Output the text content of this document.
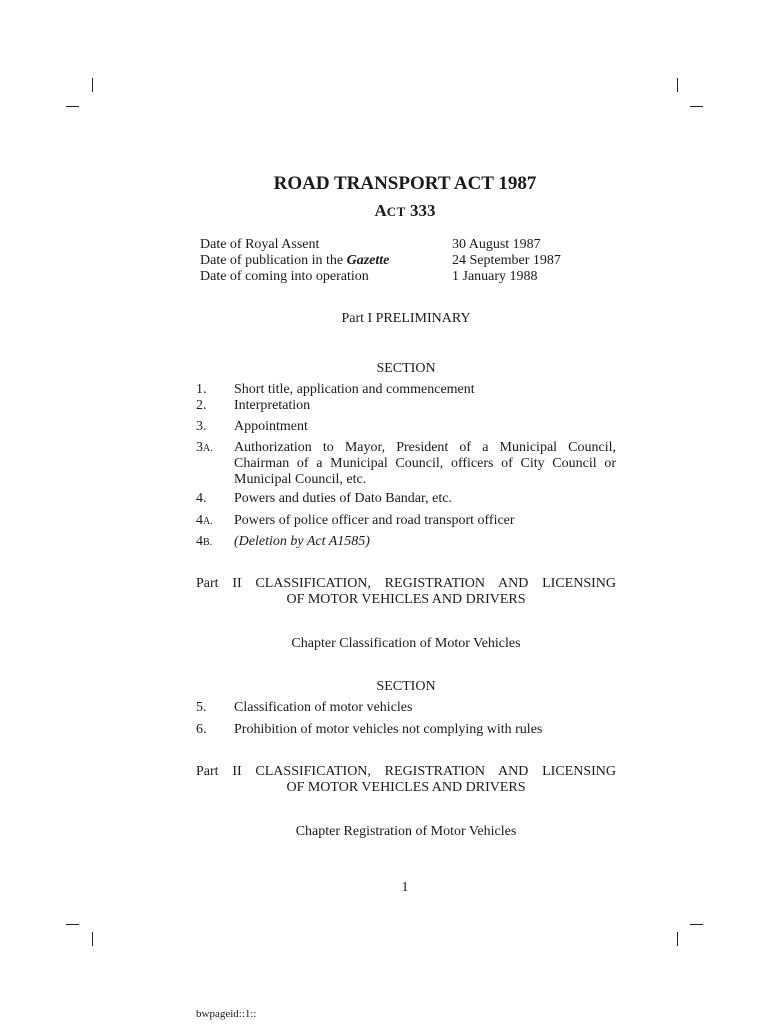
ROAD TRANSPORT ACT 1987
ACT 333
Date of Royal Assent	30 August 1987
Date of publication in the Gazette	24 September 1987
Date of coming into operation	1 January 1988
Part I PRELIMINARY
SECTION
1.	Short title, application and commencement
2.	Interpretation
3.	Appointment
3A.	Authorization to Mayor, President of a Municipal Council, Chairman of a Municipal Council, officers of City Council or Municipal Council, etc.
4.	Powers and duties of Dato Bandar, etc.
4A.	Powers of police officer and road transport officer
4B.	(Deletion by Act A1585)
Part II CLASSIFICATION, REGISTRATION AND LICENSING
OF MOTOR VEHICLES AND DRIVERS
Chapter Classification of Motor Vehicles
SECTION
5.	Classification of motor vehicles
6.	Prohibition of motor vehicles not complying with rules
Part II CLASSIFICATION, REGISTRATION AND LICENSING
OF MOTOR VEHICLES AND DRIVERS
Chapter Registration of Motor Vehicles
1
bwpageid::1::
